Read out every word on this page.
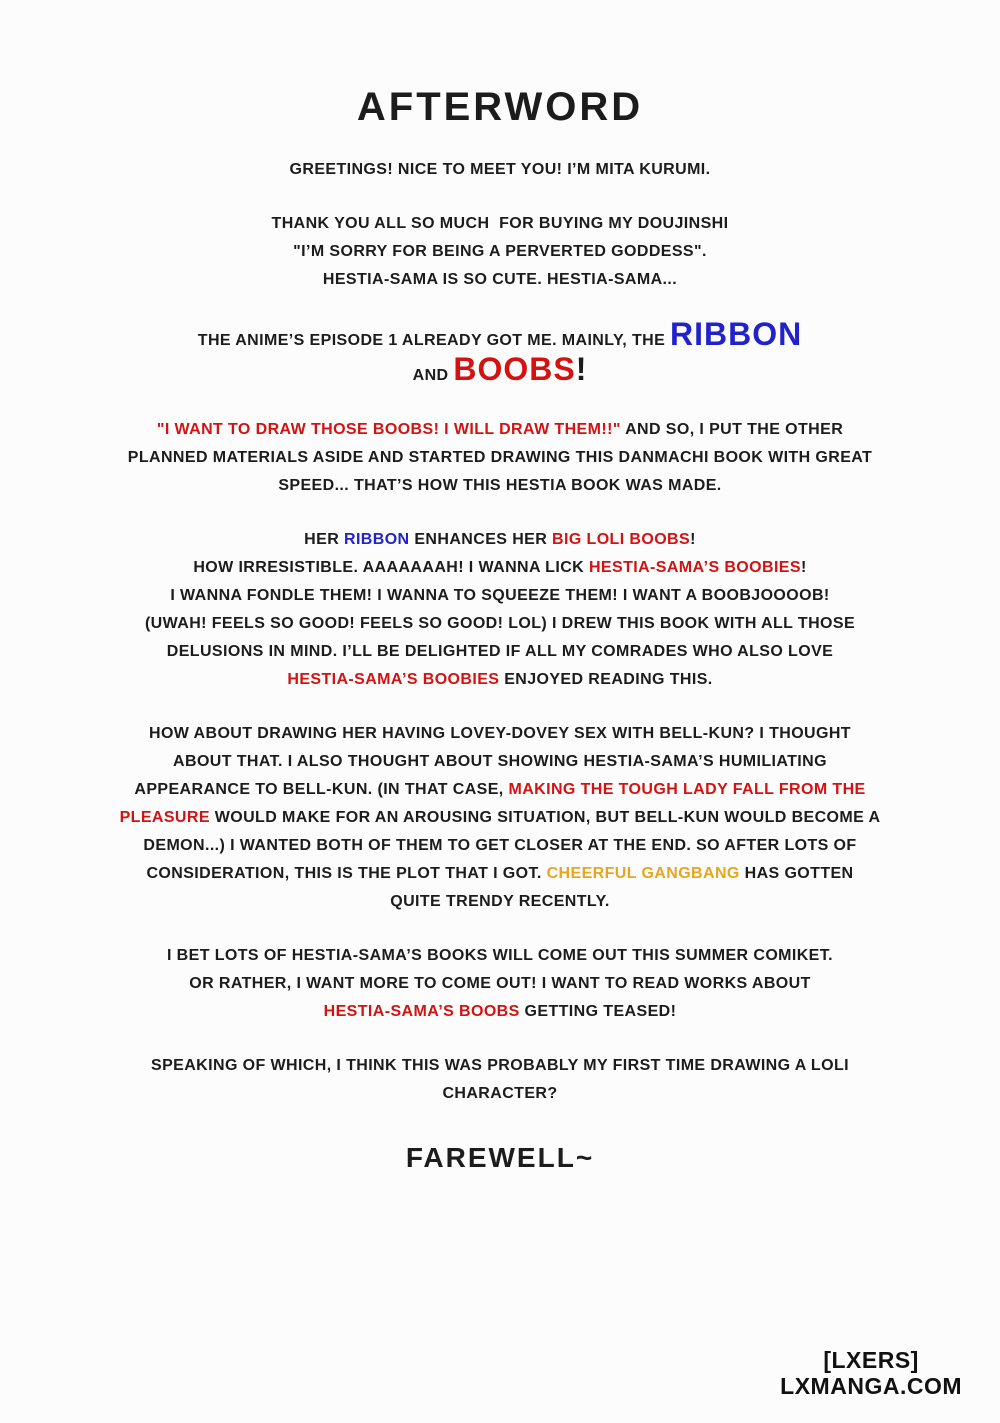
AFTERWORD
GREETINGS! NICE TO MEET YOU! I’M MITA KURUMI.
THANK YOU ALL SO MUCH  FOR BUYING MY DOUJINSHI
"I’M SORRY FOR BEING A PERVERTED GODDESS".
HESTIA-SAMA IS SO CUTE. HESTIA-SAMA...
THE ANIME’S EPISODE 1 ALREADY GOT ME. MAINLY, THE RIBBON
AND BOOBS !
"I WANT TO DRAW THOSE BOOBS! I WILL DRAW THEM!!" AND SO, I PUT THE OTHER
PLANNED MATERIALS ASIDE AND STARTED DRAWING THIS DANMACHI BOOK WITH GREAT
SPEED... THAT’S HOW THIS HESTIA BOOK WAS MADE.
HER RIBBON ENHANCES HER BIG LOLI BOOBS !
HOW IRRESISTIBLE. AAAAAAAH! I WANNA LICK HESTIA-SAMA’S BOOBIES !
I WANNA FONDLE THEM! I WANNA TO SQUEEZE THEM! I WANT A BOOBJOOOOB!
(UWAH! FEELS SO GOOD! FEELS SO GOOD! LOL) I DREW THIS BOOK WITH ALL THOSE
DELUSIONS IN MIND. I’LL BE DELIGHTED IF ALL MY COMRADES WHO ALSO LOVE
HESTIA-SAMA’S BOOBIES ENJOYED READING THIS.
HOW ABOUT DRAWING HER HAVING LOVEY-DOVEY SEX WITH BELL-KUN? I THOUGHT
ABOUT THAT. I ALSO THOUGHT ABOUT SHOWING HESTIA-SAMA’S HUMILIATING
APPEARANCE TO BELL-KUN. (IN THAT CASE, MAKING THE TOUGH LADY FALL FROM THE
PLEASURE WOULD MAKE FOR AN AROUSING SITUATION, BUT BELL-KUN WOULD BECOME A
DEMON...) I WANTED BOTH OF THEM TO GET CLOSER AT THE END. SO AFTER LOTS OF
CONSIDERATION, THIS IS THE PLOT THAT I GOT. CHEERFUL GANGBANG HAS GOTTEN
QUITE TRENDY RECENTLY.
I BET LOTS OF HESTIA-SAMA’S BOOKS WILL COME OUT THIS SUMMER COMIKET.
OR RATHER, I WANT MORE TO COME OUT! I WANT TO READ WORKS ABOUT
HESTIA-SAMA’S BOOBS GETTING TEASED!
SPEAKING OF WHICH, I THINK THIS WAS PROBABLY MY FIRST TIME DRAWING A LOLI
CHARACTER?
FAREWELL~
[LXERS]
LXMANGA.COM
